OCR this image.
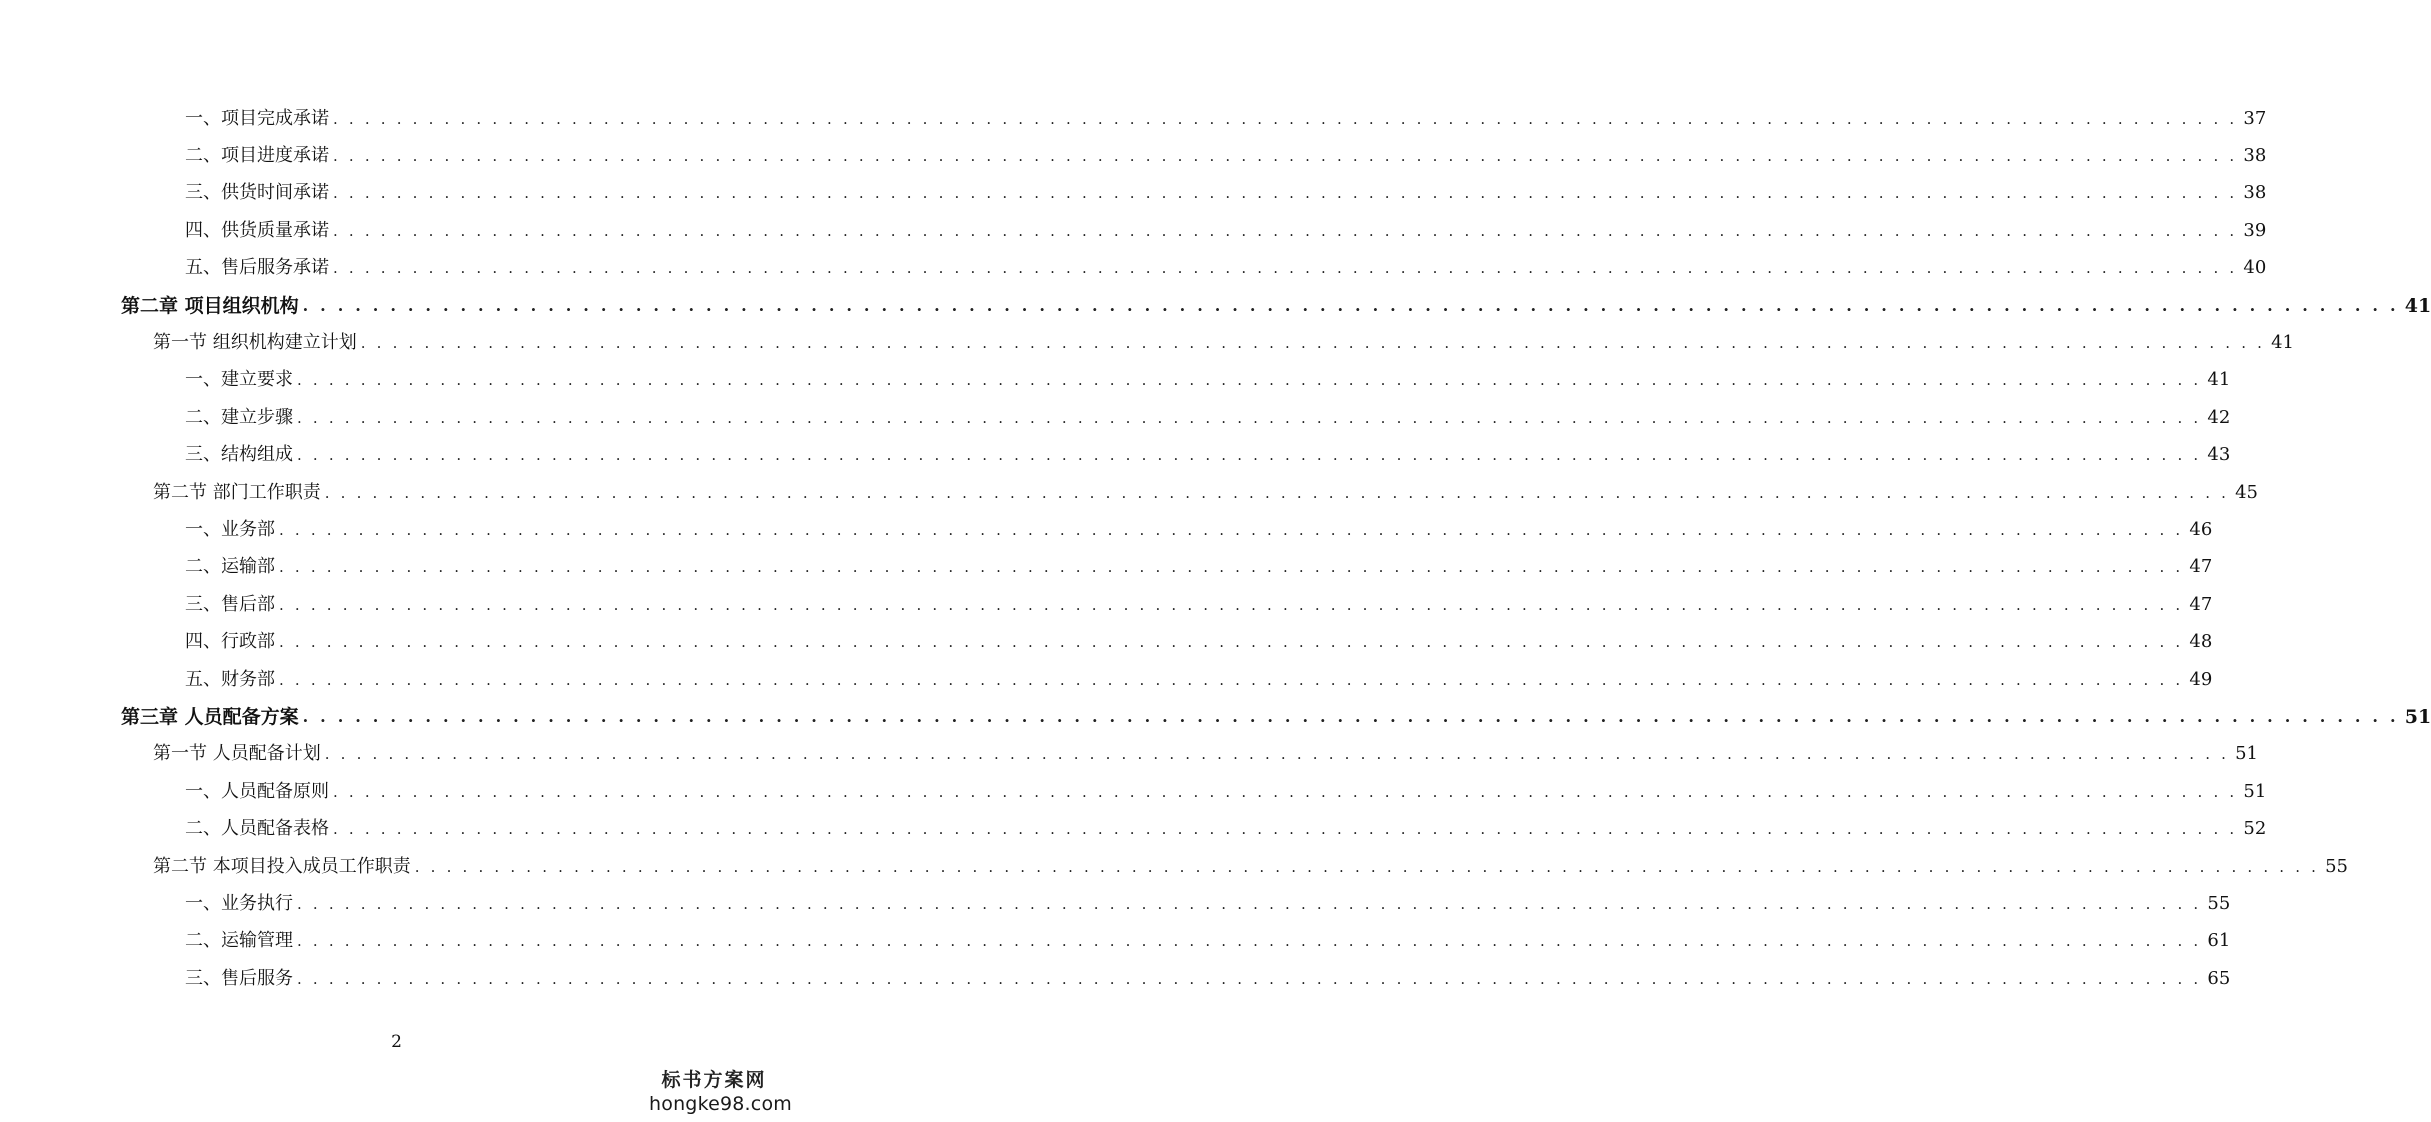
一、项目完成承诺 . . . . . . . . . . . . . . . . . . . . . . . . . . . . . . . . . . . . . . . . . . . . . . . . . . . . . . . . . . . . . . . . . . . . . . . . . . . . . . . . . . . . . . . . . . . . . . . . . . . . . . . . . . . . . . . . . . . . . . . . 37
二、项目进度承诺 . . . . . . . . . . . . . . . . . . . . . . . . . . . . . . . . . . . . . . . . . . . . . . . . . . . . . . . . . . . . . . . . . . . . . . . . . . . . . . . . . . . . . . . . . . . . . . . . . . . . . . . . . . . . . . . . . . . . . . . . 38
三、供货时间承诺 . . . . . . . . . . . . . . . . . . . . . . . . . . . . . . . . . . . . . . . . . . . . . . . . . . . . . . . . . . . . . . . . . . . . . . . . . . . . . . . . . . . . . . . . . . . . . . . . . . . . . . . . . . . . . . . . . . . . . . . . 38
四、供货质量承诺 . . . . . . . . . . . . . . . . . . . . . . . . . . . . . . . . . . . . . . . . . . . . . . . . . . . . . . . . . . . . . . . . . . . . . . . . . . . . . . . . . . . . . . . . . . . . . . . . . . . . . . . . . . . . . . . . . . . . . . . . 39
五、售后服务承诺 . . . . . . . . . . . . . . . . . . . . . . . . . . . . . . . . . . . . . . . . . . . . . . . . . . . . . . . . . . . . . . . . . . . . . . . . . . . . . . . . . . . . . . . . . . . . . . . . . . . . . . . . . . . . . . . . . . . . . . . . 40
第二章 项目组织机构 . . . . . . . . . . . . . . . . . . . . . . . . . . . . . . . . . . . . . . . . . . . . . . . . . . . . . . . . . . . . . . . . . . . . . . . . . . . . . . . . . . . . . . . . . . . . . . . . . . . . . . . . . . . . . . . . . . . . . . . . 41
第一节 组织机构建立计划 . . . . . . . . . . . . . . . . . . . . . . . . . . . . . . . . . . . . . . . . . . . . . . . . . . . . . . . . . . . . . . . . . . . . . . . . . . . . . . . . . . . . . . . . . . . . . . . . . . . . . . . . . . . . . . . . . . . . . . . . 41
一、建立要求 . . . . . . . . . . . . . . . . . . . . . . . . . . . . . . . . . . . . . . . . . . . . . . . . . . . . . . . . . . . . . . . . . . . . . . . . . . . . . . . . . . . . . . . . . . . . . . . . . . . . . . . . . . . . . . . . . . . . . . . . 41
二、建立步骤 . . . . . . . . . . . . . . . . . . . . . . . . . . . . . . . . . . . . . . . . . . . . . . . . . . . . . . . . . . . . . . . . . . . . . . . . . . . . . . . . . . . . . . . . . . . . . . . . . . . . . . . . . . . . . . . . . . . . . . . . 42
三、结构组成 . . . . . . . . . . . . . . . . . . . . . . . . . . . . . . . . . . . . . . . . . . . . . . . . . . . . . . . . . . . . . . . . . . . . . . . . . . . . . . . . . . . . . . . . . . . . . . . . . . . . . . . . . . . . . . . . . . . . . . . . 43
第二节 部门工作职责 . . . . . . . . . . . . . . . . . . . . . . . . . . . . . . . . . . . . . . . . . . . . . . . . . . . . . . . . . . . . . . . . . . . . . . . . . . . . . . . . . . . . . . . . . . . . . . . . . . . . . . . . . . . . . . . . . . . . . . . . 45
一、业务部 . . . . . . . . . . . . . . . . . . . . . . . . . . . . . . . . . . . . . . . . . . . . . . . . . . . . . . . . . . . . . . . . . . . . . . . . . . . . . . . . . . . . . . . . . . . . . . . . . . . . . . . . . . . . . . . . . . . . . . . . 46
二、运输部 . . . . . . . . . . . . . . . . . . . . . . . . . . . . . . . . . . . . . . . . . . . . . . . . . . . . . . . . . . . . . . . . . . . . . . . . . . . . . . . . . . . . . . . . . . . . . . . . . . . . . . . . . . . . . . . . . . . . . . . . 47
三、售后部 . . . . . . . . . . . . . . . . . . . . . . . . . . . . . . . . . . . . . . . . . . . . . . . . . . . . . . . . . . . . . . . . . . . . . . . . . . . . . . . . . . . . . . . . . . . . . . . . . . . . . . . . . . . . . . . . . . . . . . . . 47
四、行政部 . . . . . . . . . . . . . . . . . . . . . . . . . . . . . . . . . . . . . . . . . . . . . . . . . . . . . . . . . . . . . . . . . . . . . . . . . . . . . . . . . . . . . . . . . . . . . . . . . . . . . . . . . . . . . . . . . . . . . . . . 48
五、财务部 . . . . . . . . . . . . . . . . . . . . . . . . . . . . . . . . . . . . . . . . . . . . . . . . . . . . . . . . . . . . . . . . . . . . . . . . . . . . . . . . . . . . . . . . . . . . . . . . . . . . . . . . . . . . . . . . . . . . . . . . 49
第三章 人员配备方案 . . . . . . . . . . . . . . . . . . . . . . . . . . . . . . . . . . . . . . . . . . . . . . . . . . . . . . . . . . . . . . . . . . . . . . . . . . . . . . . . . . . . . . . . . . . . . . . . . . . . . . . . . . . . . . . . . . . . . . . . 51
第一节 人员配备计划 . . . . . . . . . . . . . . . . . . . . . . . . . . . . . . . . . . . . . . . . . . . . . . . . . . . . . . . . . . . . . . . . . . . . . . . . . . . . . . . . . . . . . . . . . . . . . . . . . . . . . . . . . . . . . . . . . . . . . . . . 51
一、人员配备原则 . . . . . . . . . . . . . . . . . . . . . . . . . . . . . . . . . . . . . . . . . . . . . . . . . . . . . . . . . . . . . . . . . . . . . . . . . . . . . . . . . . . . . . . . . . . . . . . . . . . . . . . . . . . . . . . . . . . . . . . . 51
二、人员配备表格 . . . . . . . . . . . . . . . . . . . . . . . . . . . . . . . . . . . . . . . . . . . . . . . . . . . . . . . . . . . . . . . . . . . . . . . . . . . . . . . . . . . . . . . . . . . . . . . . . . . . . . . . . . . . . . . . . . . . . . . . 52
第二节 本项目投入成员工作职责 . . . . . . . . . . . . . . . . . . . . . . . . . . . . . . . . . . . . . . . . . . . . . . . . . . . . . . . . . . . . . . . . . . . . . . . . . . . . . . . . . . . . . . . . . . . . . . . . . . . . . . . . . . . . . . . . . . . . . . . . 55
一、业务执行 . . . . . . . . . . . . . . . . . . . . . . . . . . . . . . . . . . . . . . . . . . . . . . . . . . . . . . . . . . . . . . . . . . . . . . . . . . . . . . . . . . . . . . . . . . . . . . . . . . . . . . . . . . . . . . . . . . . . . . . . 55
二、运输管理 . . . . . . . . . . . . . . . . . . . . . . . . . . . . . . . . . . . . . . . . . . . . . . . . . . . . . . . . . . . . . . . . . . . . . . . . . . . . . . . . . . . . . . . . . . . . . . . . . . . . . . . . . . . . . . . . . . . . . . . . 61
三、售后服务 . . . . . . . . . . . . . . . . . . . . . . . . . . . . . . . . . . . . . . . . . . . . . . . . . . . . . . . . . . . . . . . . . . . . . . . . . . . . . . . . . . . . . . . . . . . . . . . . . . . . . . . . . . . . . . . . . . . . . . . . 65
2
标书方案网
hongke98.com
